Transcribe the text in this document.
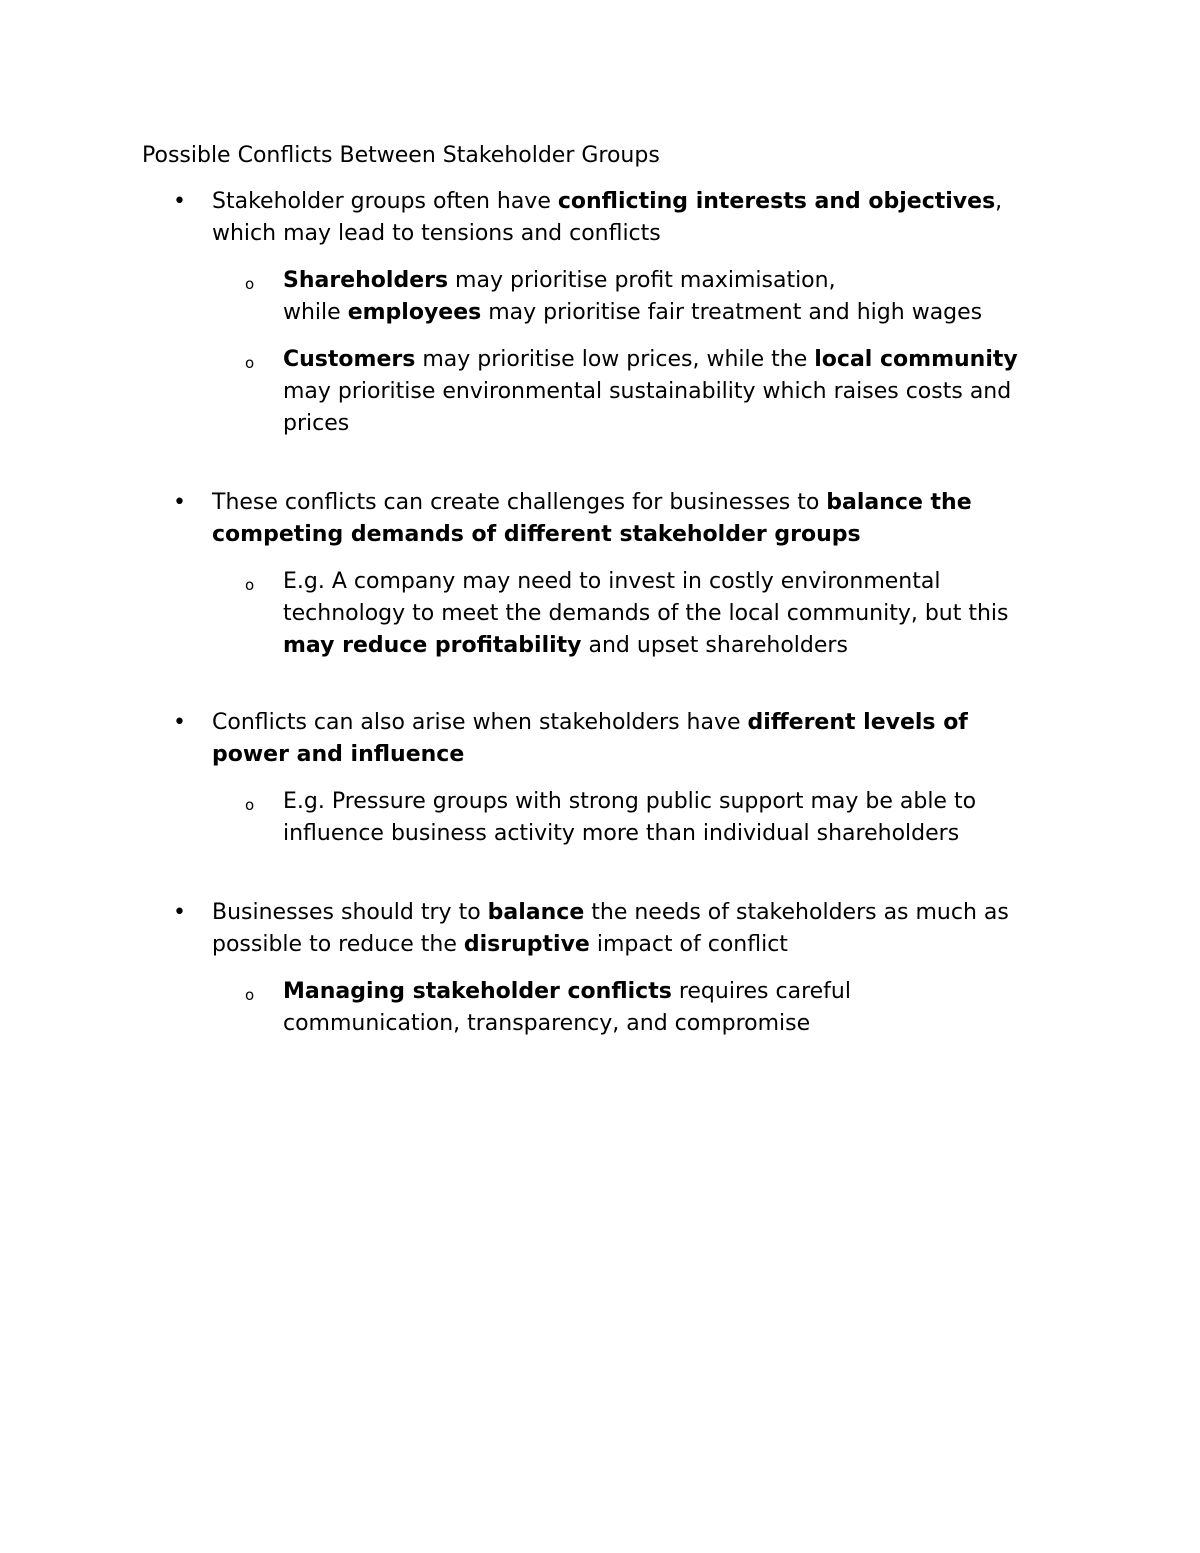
Possible Conflicts Between Stakeholder Groups
• Stakeholder groups often have conflicting interests and objectives, which may lead to tensions and conflicts
o Shareholders may prioritise profit maximisation,
while employees may prioritise fair treatment and high wages
o Customers may prioritise low prices, while the local community may prioritise environmental sustainability which raises costs and prices
• These conflicts can create challenges for businesses to balance the competing demands of different stakeholder groups
o E.g. A company may need to invest in costly environmental technology to meet the demands of the local community, but this may reduce profitability and upset shareholders
• Conflicts can also arise when stakeholders have different levels of power and influence
o E.g. Pressure groups with strong public support may be able to influence business activity more than individual shareholders
• Businesses should try to balance the needs of stakeholders as much as possible to reduce the disruptive impact of conflict
o Managing stakeholder conflicts requires careful communication, transparency, and compromise
